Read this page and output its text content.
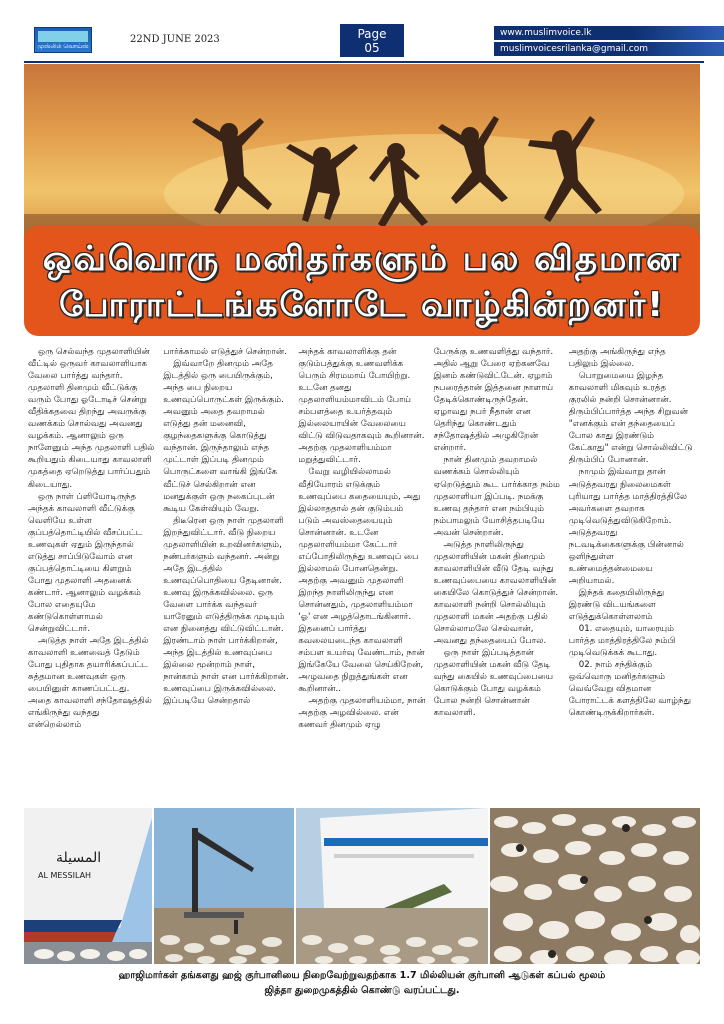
முஸ்லிம் வொய்ஸ்
22ND JUNE 2023	Page
05
www.muslimvoice.lk
muslimvoicesrilanka@gmail.com
ஒவ்வொரு மனிதர்களும் பல விதமான
போராட்டங்களோடே வாழ்கின்றனர்!

ஒரு செல்வந்த முதலாளியின் வீட்டில் ஒருவர் காவலாளியாக வேலை பார்த்து வந்தார். முதலாளி தினமும் வீட்டுக்கு வரும் போது ஓடோடிச் சென்று வீதிக்கதவை திறந்து அவருக்கு வணக்கம் சொல்வது அவனது வழக்கம். ஆனாலும் ஒரு நாளேனும் அந்த முதலாளி பதில் கூறியதும் கிடையாது காவலாளி முகத்தை ஏறெடுத்து பார்ப்பதும் கிடையாது.

ஒரு நாள் ப்ளியோடிருந்த அந்தக் காவலாளி வீட்டுக்கு வெளியே உள்ள குப்பத்தொட்டியில் வீசப்பட்ட உணவுகள் ஏதும் இருந்தால் எடுத்து சாப்பிடுவோம் என குப்பத்தொட்டியை கிளறும் போது முதலாளி அதனைக் கண்டார். ஆனாலும் வழக்கம் போல எதையுமே கண்டுகொள்ளாமல் சென்றுவிட்டார்.

அடுத்த நாள் அதே இடத்தில் காவலாளி உணவைத் தேடும் போது புதிதாக தயாரிக்கப்பட்ட சுத்தமான உணவுகள் ஒரு பையினுள் காணப்பட்டது. அதை காவலாளி சந்தோஷத்தில் எங்கிருந்து வந்தது என்றெல்லாம்

பார்க்காமல் எடுத்துச் சென்றான்.

இவ்வாறே தினமும் அதே இடத்தில் ஒரு பையிருக்கும், அந்த பை நிறைய உணவுப்பொருட்கள் இருக்கும். அவனும் அதை தவறாமல் எடுத்து தன் மனைவி, குழந்தைகளுக்கு கொடுத்து வந்தான். இருந்தாலும் எந்த முட்டாள் இப்படி தினமும் பொருட்களை வாங்கி இங்கே வீட்டுச் செல்கிறான் என மனதுக்குள் ஒரு நகைப்புடன் கூடிய கேள்வியும் வேறு.

திடீரென ஒரு நாள் முதலாளி இறந்துவிட்டார். வீடு நிறைய முதலாளியின் உறவினர்களும், நண்பர்களும் வந்தனர். அன்று அதே இடத்தில் உணவுப்பொதியை தேடினான். உணவு இருக்கவில்லை. ஒரு வேளை பார்க்க வந்தவர் யாரேனும் எடுத்திருக்க முடியும் என நினைத்து விட்டுவிட்டான். இரண்டாம் நாள் பார்க்கிறான், அந்த இடத்தில் உணவுப்பை இல்லை மூன்றாம் நாள், நான்காம் நாள் என பார்க்கிறான். உணவுப்பை இருக்கவில்லை. இப்படியே சென்றதால்

அந்தக் காவலாளிக்கு தன் குடும்பத்துக்கு உணவளிக்க பெரும் சிரமமாய் போயிற்று. உடனே தனது முதலாளியம்மாவிடம் போய் சம்பளத்தை உயர்த்தவும் இல்லையாயின் வேலையை விட்டு விடுவதாகவும் கூறினான். அதற்கு முதலாளியம்மா மறுத்துவிட்டார்.

வேறு வழியில்லாமல் வீதியோரம் எடுக்கும் உணவுப்பை கதையையும், அது இல்லாததால் தன் குடும்பம் படும் அவஸ்தையையும் சொன்னான். உடனே முதலாளியம்மா கேட்டார் எப்போதிலிருந்து உணவுப் பை இல்லாமல் போனதென்று. அதற்கு அவனும் முதலாளி இறந்த நாளிலிருந்து என சொன்னதும், முதலாளியம்மா 'ஓ' என அழத்தொடங்கினார். இதனைப் பார்த்து கவலையடைந்த காவலாளி சம்பள உயர்வு வேண்டாம், நான் இங்கேயே வேலை செய்கிறேன், அழுவதை நிறுத்துங்கள் என கூறினான்..

அதற்கு முதலாளியம்மா, நான் அதற்கு அழவில்லை. என் கணவர் தினமும் ஏழு

பேருக்கு உணவளித்து வந்தார். அதில் ஆறு பேரை ஏற்கனவே இனம் கண்டுவிட்டேன். ஏழாம் நபரைத்தான் இத்தனை நாளாய் தேடிக்கொண்டிருந்தேன். ஏழாவது நபர் நீதான் என தெரிந்து கொண்டதும் சந்தோஷத்தில் அழுகிறேன் என்றார்.

நான் தினமும் தவறாமல் வணக்கம் சொல்லியும் ஏறெடுத்தும் கூட பார்க்காத நம்ம முதலாளியா இப்படி. நமக்கு உணவு தந்தார் என நம்பியும் நம்பாமலும் யோசித்தபடியே அவன் சென்றான்.

அடுத்த நாளிலிருந்து முதலாளியின் மகன் தினமும் காவலாளியின் வீடு தேடி வந்து உணவுப்பையை காவலாளியின் கையிலே கொடுத்துச் சென்றான். காவலாளி நன்றி சொல்லியும் முதலாளி மகன் அதற்கு பதில் சொல்லாமலே செல்வான், அவனது தந்தையைப் போல.

ஒரு நாள் இப்படித்தான் முதலாளியின் மகன் வீடு தேடி வந்து கையில் உணவுப்பையை கொடுக்கும் போது வழக்கம் போல நன்றி சொன்னான் காவலாளி.

அதற்கு அங்கிருந்து எந்த பதிலும் இல்லை.

பொறுமையை இழந்த காவலாளி மிகவும் உரத்த குரலில் நன்றி சொன்னான். திரும்பிப்பார்த்த அந்த சிறுவன் "எனக்கும் என் தந்தையைப் போல காது இரண்டும் கேட்காது" என்று சொல்லிவிட்டு திரும்பிப் போனான்.

நாமும் இவ்வாறு தான் அடுத்தவரது நிலைமைகள் புரியாது பார்த்த மாத்திரத்திலே அவர்களை தவறாக முடிவெடுத்துவிடுகிறோம். அடுத்தவரது நடவடிக்கைகளுக்கு பின்னால் ஒளிந்துள்ள உண்மைத்தன்மையை அறியாமல்.

இந்தக் கதையிலிருந்து இரண்டு விடயங்களை எடுத்துக்கொள்ளலாம்

01. எதையும், யாரையும் பார்த்த மாத்திரத்திலே நம்பி முடிவெடுக்கக் கூடாது.

02. நாம் சந்திக்கும் ஒவ்வொரு மனிதர்களும் வெவ்வேறு விதமான போராட்டக் களத்திலே வாழ்ந்து கொண்டிருக்கிறார்கள்.

المسيلة
AL MESSILAH
ஹாஜிமார்கள் தங்களது ஹஜ் குர்பானியை நிறைவேற்றுவதற்காக 1.7 மில்லியன் குர்பானி ஆடுகள் கப்பல் மூலம்
ஜித்தா துறைமுகத்தில் கொண்டு வரப்பட்டது.
